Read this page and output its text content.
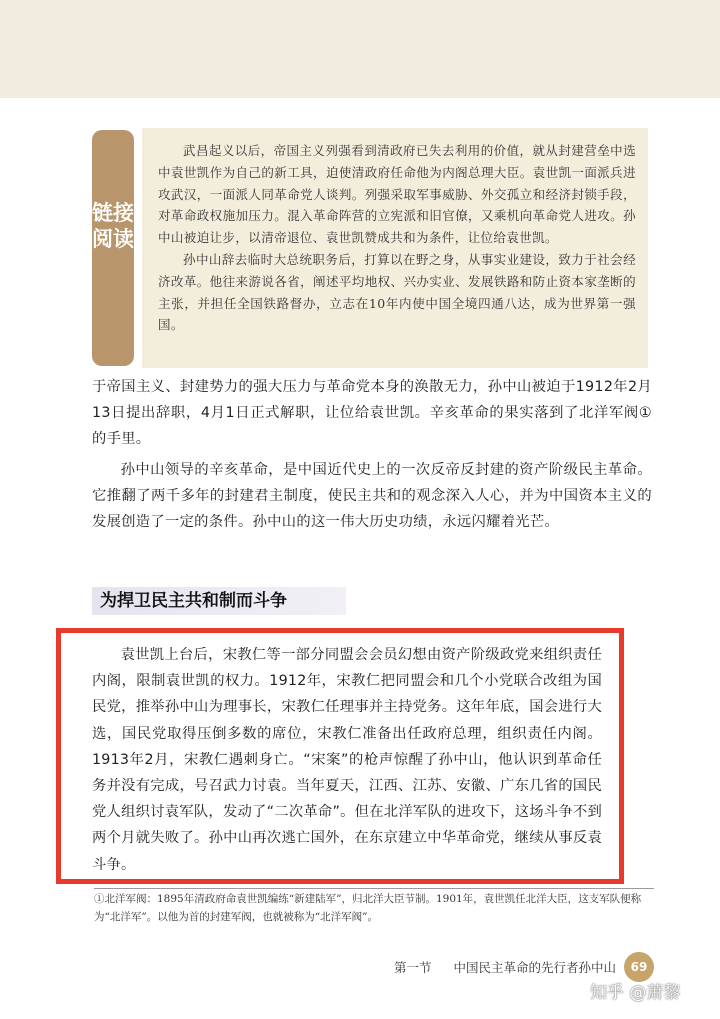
链接阅读

武昌起义以后，帝国主义列强看到清政府已失去利用的价值，就从封建营垒中选中袁世凯作为自己的新工具，迫使清政府任命他为内阁总理大臣。袁世凯一面派兵进攻武汉，一面派人同革命党人谈判。列强采取军事威胁、外交孤立和经济封锁手段，对革命政权施加压力。混入革命阵营的立宪派和旧官僚，又乘机向革命党人进攻。孙中山被迫让步，以清帝退位、袁世凯赞成共和为条件，让位给袁世凯。

孙中山辞去临时大总统职务后，打算以在野之身，从事实业建设，致力于社会经济改革。他往来游说各省，阐述平均地权、兴办实业、发展铁路和防止资本家垄断的主张，并担任全国铁路督办，立志在10年内使中国全境四通八达，成为世界第一强国。

于帝国主义、封建势力的强大压力与革命党本身的涣散无力，孙中山被迫于1912年2月13日提出辞职，4月1日正式解职，让位给袁世凯。辛亥革命的果实落到了北洋军阀①的手里。

孙中山领导的辛亥革命，是中国近代史上的一次反帝反封建的资产阶级民主革命。它推翻了两千多年的封建君主制度，使民主共和的观念深入人心，并为中国资本主义的发展创造了一定的条件。孙中山的这一伟大历史功绩，永远闪耀着光芒。

为捍卫民主共和制而斗争

袁世凯上台后，宋教仁等一部分同盟会会员幻想由资产阶级政党来组织责任内阁，限制袁世凯的权力。1912年，宋教仁把同盟会和几个小党联合改组为国民党，推举孙中山为理事长，宋教仁任理事并主持党务。这年年底，国会进行大选，国民党取得压倒多数的席位，宋教仁准备出任政府总理，组织责任内阁。1913年2月，宋教仁遇刺身亡。“宋案”的枪声惊醒了孙中山，他认识到革命任务并没有完成，号召武力讨袁。当年夏天，江西、江苏、安徽、广东几省的国民党人组织讨袁军队，发动了“二次革命”。但在北洋军队的进攻下，这场斗争不到两个月就失败了。孙中山再次逃亡国外，在东京建立中华革命党，继续从事反袁斗争。

①北洋军阀：1895年清政府命袁世凯编练“新建陆军”，归北洋大臣节制。1901年，袁世凯任北洋大臣，这支军队便称为“北洋军”。以他为首的封建军阀，也就被称为“北洋军阀”。

第一节 中国民主革命的先行者孙中山	69
知乎 @萧黎
